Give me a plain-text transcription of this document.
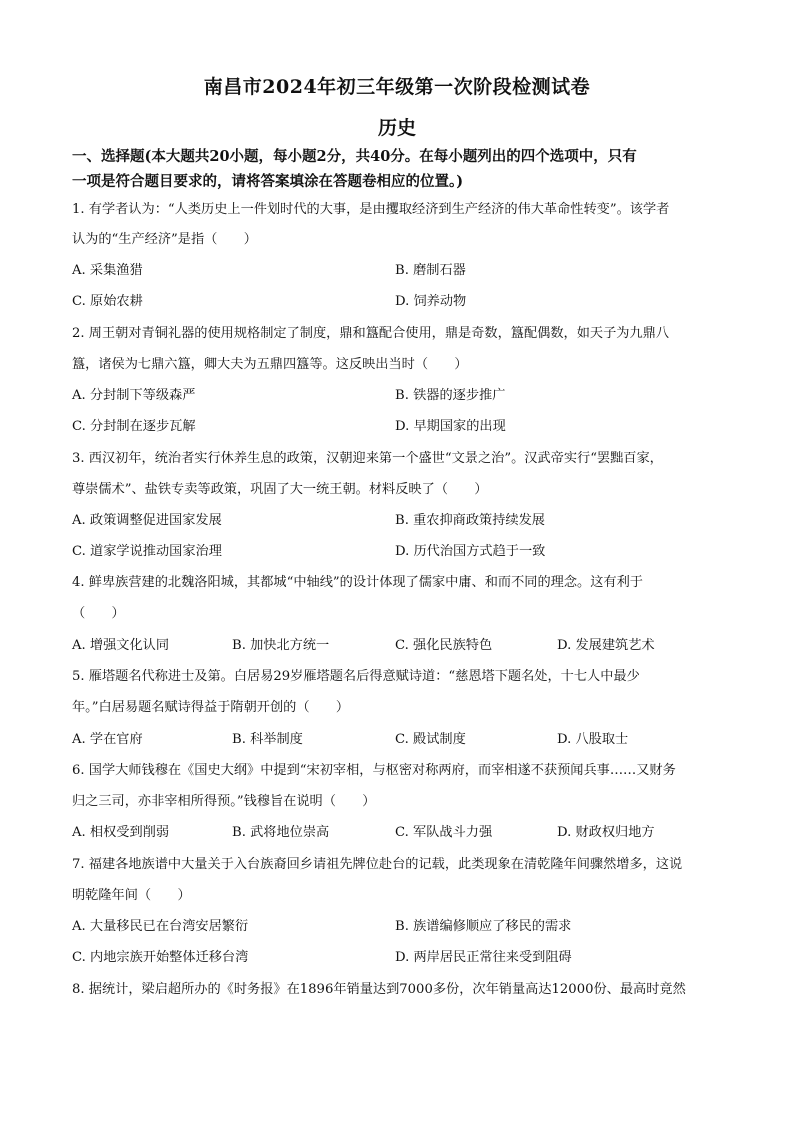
南昌市2024年初三年级第一次阶段检测试卷
历史
一、选择题(本大题共20小题，每小题2分，共40分。在每小题列出的四个选项中，只有
一项是符合题目要求的，请将答案填涂在答题卷相应的位置。)
1. 有学者认为：“人类历史上一件划时代的大事，是由攫取经济到生产经济的伟大革命性转变”。该学者
认为的“生产经济”是指（　　）
A. 采集渔猎	B. 磨制石器
C. 原始农耕	D. 饲养动物
2. 周王朝对青铜礼器的使用规格制定了制度，鼎和簋配合使用，鼎是奇数，簋配偶数，如天子为九鼎八
簋，诸侯为七鼎六簋，卿大夫为五鼎四簋等。这反映出当时（　　）
A. 分封制下等级森严	B. 铁器的逐步推广
C. 分封制在逐步瓦解	D. 早期国家的出现
3. 西汉初年，统治者实行休养生息的政策，汉朝迎来第一个盛世“文景之治”。汉武帝实行“罢黜百家，
尊崇儒术”、盐铁专卖等政策，巩固了大一统王朝。材料反映了（　　）
A. 政策调整促进国家发展	B. 重农抑商政策持续发展
C. 道家学说推动国家治理	D. 历代治国方式趋于一致
4. 鲜卑族营建的北魏洛阳城，其都城“中轴线”的设计体现了儒家中庸、和而不同的理念。这有利于
（　　）
A. 增强文化认同	B. 加快北方统一	C. 强化民族特色	D. 发展建筑艺术
5. 雁塔题名代称进士及第。白居易29岁雁塔题名后得意赋诗道：“慈恩塔下题名处，十七人中最少
年。”白居易题名赋诗得益于隋朝开创的（　　）
A. 学在官府	B. 科举制度	C. 殿试制度	D. 八股取士
6. 国学大师钱穆在《国史大纲》中提到“宋初宰相，与枢密对称两府，而宰相遂不获预闻兵事……又财务
归之三司，亦非宰相所得预。”钱穆旨在说明（　　）
A. 相权受到削弱	B. 武将地位崇高	C. 军队战斗力强	D. 财政权归地方
7. 福建各地族谱中大量关于入台族裔回乡请祖先牌位赴台的记载，此类现象在清乾隆年间骤然增多，这说
明乾隆年间（　　）
A. 大量移民已在台湾安居繁衍	B. 族谱编修顺应了移民的需求
C. 内地宗族开始整体迁移台湾	D. 两岸居民正常往来受到阻碍
8. 据统计，梁启超所办的《时务报》在1896年销量达到7000多份，次年销量高达12000份、最高时竟然
